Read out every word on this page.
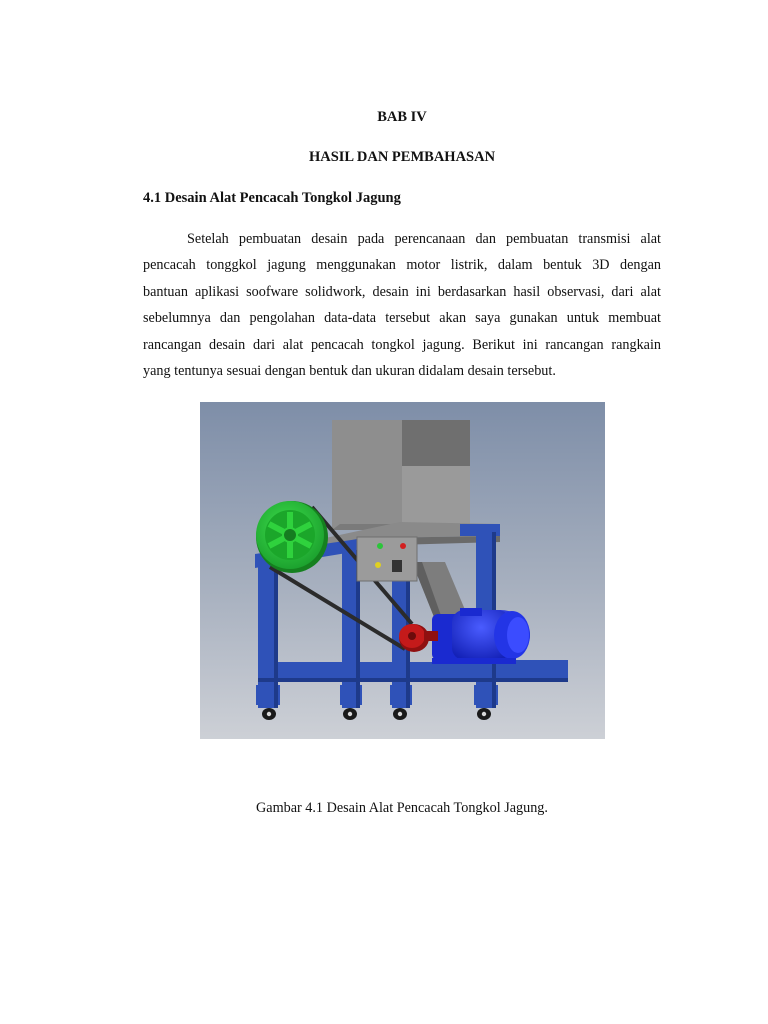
BAB IV
HASIL DAN PEMBAHASAN
4.1 Desain Alat Pencacah Tongkol Jagung
Setelah pembuatan desain pada perencanaan dan pembuatan transmisi alat
pencacah tonggkol jagung menggunakan motor listrik, dalam bentuk 3D dengan
bantuan aplikasi soofware solidwork, desain ini berdasarkan hasil observasi, dari alat
sebelumnya dan pengolahan data-data tersebut akan saya gunakan untuk membuat
rancangan desain dari alat pencacah tongkol jagung. Berikut ini rancangan rangkain
yang tentunya sesuai dengan bentuk dan ukuran didalam desain tersebut.
Gambar 4.1 Desain Alat Pencacah Tongkol Jagung.
